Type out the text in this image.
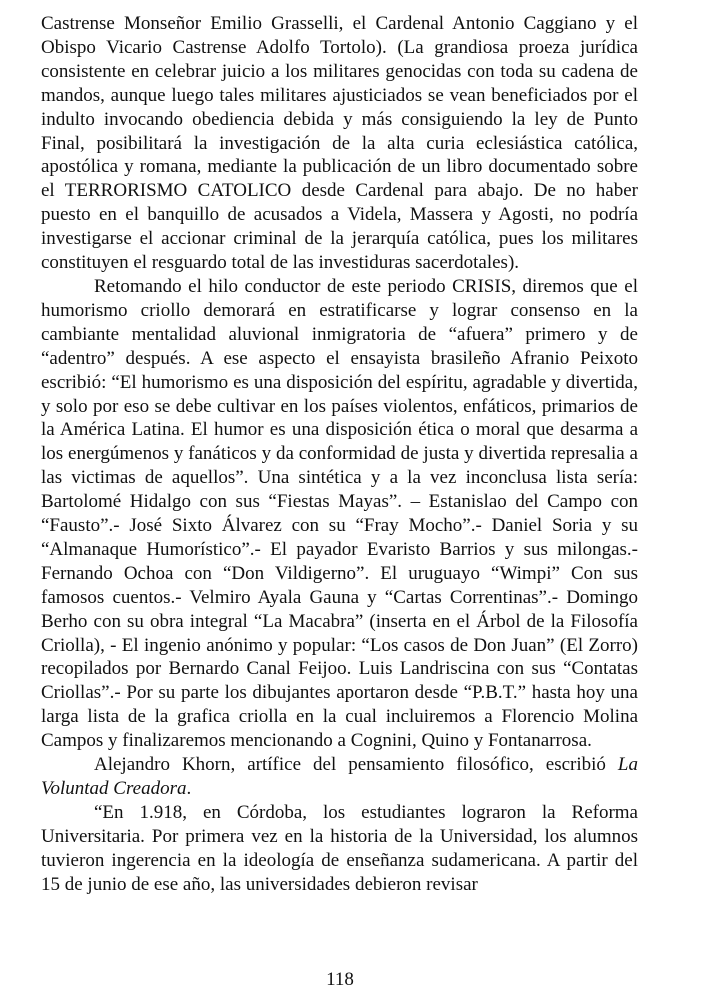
Castrense Monseñor Emilio Grasselli, el Cardenal Antonio Caggiano y el Obispo Vicario Castrense Adolfo Tortolo). (La grandiosa proeza jurídica consistente en celebrar juicio a los militares genocidas con toda su cadena de mandos, aunque luego tales militares ajusticiados se vean beneficiados por el indulto invocando obediencia debida y más consiguiendo la ley de Punto Final, posibilitará la investigación de la alta curia eclesiástica católica, apostólica y romana, mediante la publicación de un libro documentado sobre el TERRORISMO CATOLICO desde Cardenal para abajo. De no haber puesto en el banquillo de acusados a Videla, Massera y Agosti, no podría investigarse el accionar criminal de la jerarquía católica, pues los militares constituyen el resguardo total de las investiduras sacerdotales).

Retomando el hilo conductor de este periodo CRISIS, diremos que el humorismo criollo demorará en estratificarse y lograr consenso en la cambiante mentalidad aluvional inmigratoria de “afuera” primero y de “adentro” después. A ese aspecto el ensayista brasileño Afranio Peixoto escribió: “El humorismo es una disposición del espíritu, agradable y divertida, y solo por eso se debe cultivar en los países violentos, enfáticos, primarios de la América Latina. El humor es una disposición ética o moral que desarma a los energúmenos y fanáticos y da conformidad de justa y divertida represalia a las victimas de aquellos”. Una sintética y a la vez inconclusa lista sería: Bartolomé Hidalgo con sus “Fiestas Mayas”. – Estanislao del Campo con “Fausto”.- José Sixto Álvarez con su “Fray Mocho”.- Daniel Soria y su “Almanaque Humorístico”.- El payador Evaristo Barrios y sus milongas.- Fernando Ochoa con “Don Vildigerno”. El uruguayo “Wimpi” Con sus famosos cuentos.- Velmiro Ayala Gauna y “Cartas Correntinas”.- Domingo Berho con su obra integral “La Macabra” (inserta en el Árbol de la Filosofía Criolla), - El ingenio anónimo y popular: “Los casos de Don Juan” (El Zorro) recopilados por Bernardo Canal Feijoo. Luis Landriscina con sus “Contatas Criollas”.- Por su parte los dibujantes aportaron desde “P.B.T.” hasta hoy una larga lista de la grafica criolla en la cual incluiremos a Florencio Molina Campos y finalizaremos mencionando a Cognini, Quino y Fontanarrosa.

Alejandro Khorn, artífice del pensamiento filosófico, escribió La Voluntad Creadora.

“En 1.918, en Córdoba, los estudiantes lograron la Reforma Universitaria. Por primera vez en la historia de la Universidad, los alumnos tuvieron ingerencia en la ideología de enseñanza sudamericana. A partir del 15 de junio de ese año, las universidades debieron revisar

118
